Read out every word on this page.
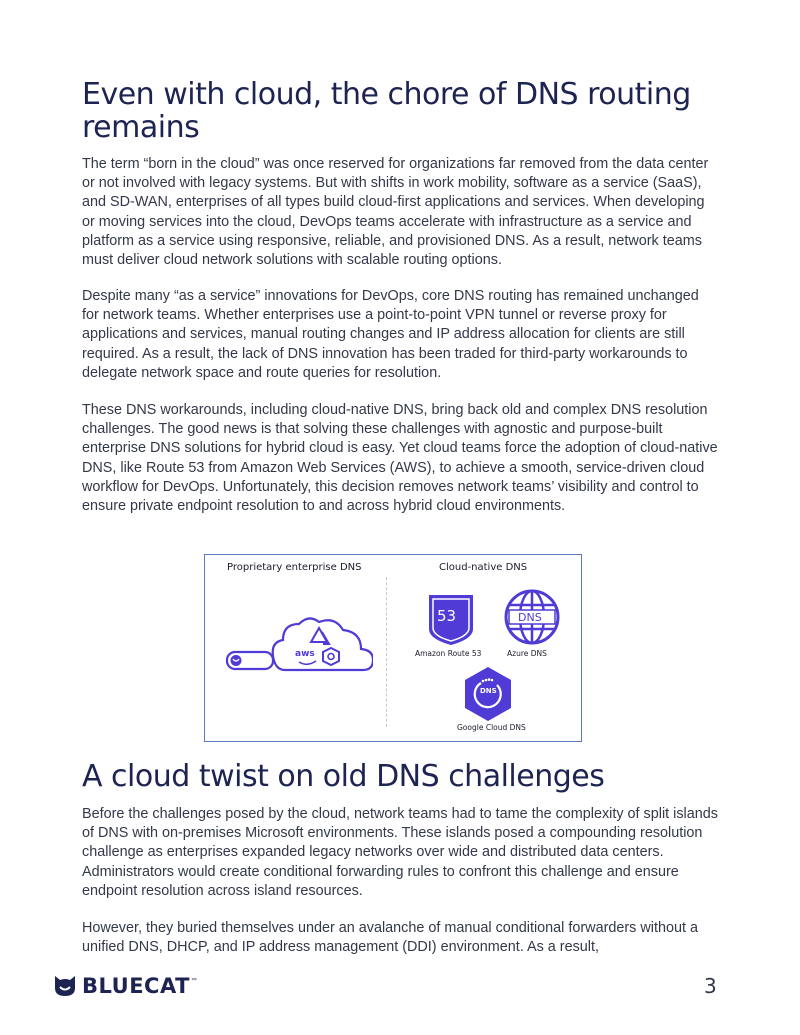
Even with cloud, the chore of DNS routing remains

The term “born in the cloud” was once reserved for organizations far removed from the data center or not involved with legacy systems. But with shifts in work mobility, software as a service (SaaS), and SD-WAN, enterprises of all types build cloud-first applications and services. When developing or moving services into the cloud, DevOps teams accelerate with infrastructure as a service and platform as a service using responsive, reliable, and provisioned DNS. As a result, network teams must deliver cloud network solutions with scalable routing options.

Despite many “as a service” innovations for DevOps, core DNS routing has remained unchanged for network teams. Whether enterprises use a point-to-point VPN tunnel or reverse proxy for applications and services, manual routing changes and IP address allocation for clients are still required. As a result, the lack of DNS innovation has been traded for third-party workarounds to delegate network space and route queries for resolution.

These DNS workarounds, including cloud-native DNS, bring back old and complex DNS resolution challenges. The good news is that solving these challenges with agnostic and purpose-built enterprise DNS solutions for hybrid cloud is easy. Yet cloud teams force the adoption of cloud-native DNS, like Route 53 from Amazon Web Services (AWS), to achieve a smooth, service-driven cloud workflow for DevOps. Unfortunately, this decision removes network teams’ visibility and control to ensure private endpoint resolution to and across hybrid cloud environments.

A cloud twist on old DNS challenges

Before the challenges posed by the cloud, network teams had to tame the complexity of split islands of DNS with on-premises Microsoft environments. These islands posed a compounding resolution challenge as enterprises expanded legacy networks over wide and distributed data centers. Administrators would create conditional forwarding rules to confront this challenge and ensure endpoint resolution across island resources.

However, they buried themselves under an avalanche of manual conditional forwarders without a unified DNS, DHCP, and IP address management (DDI) environment. As a result,

Proprietary enterprise DNS	Cloud-native DNS
aws
53
Amazon Route 53
DNS
Azure DNS
DNS
Google Cloud DNS
BLUECAT ™	3
